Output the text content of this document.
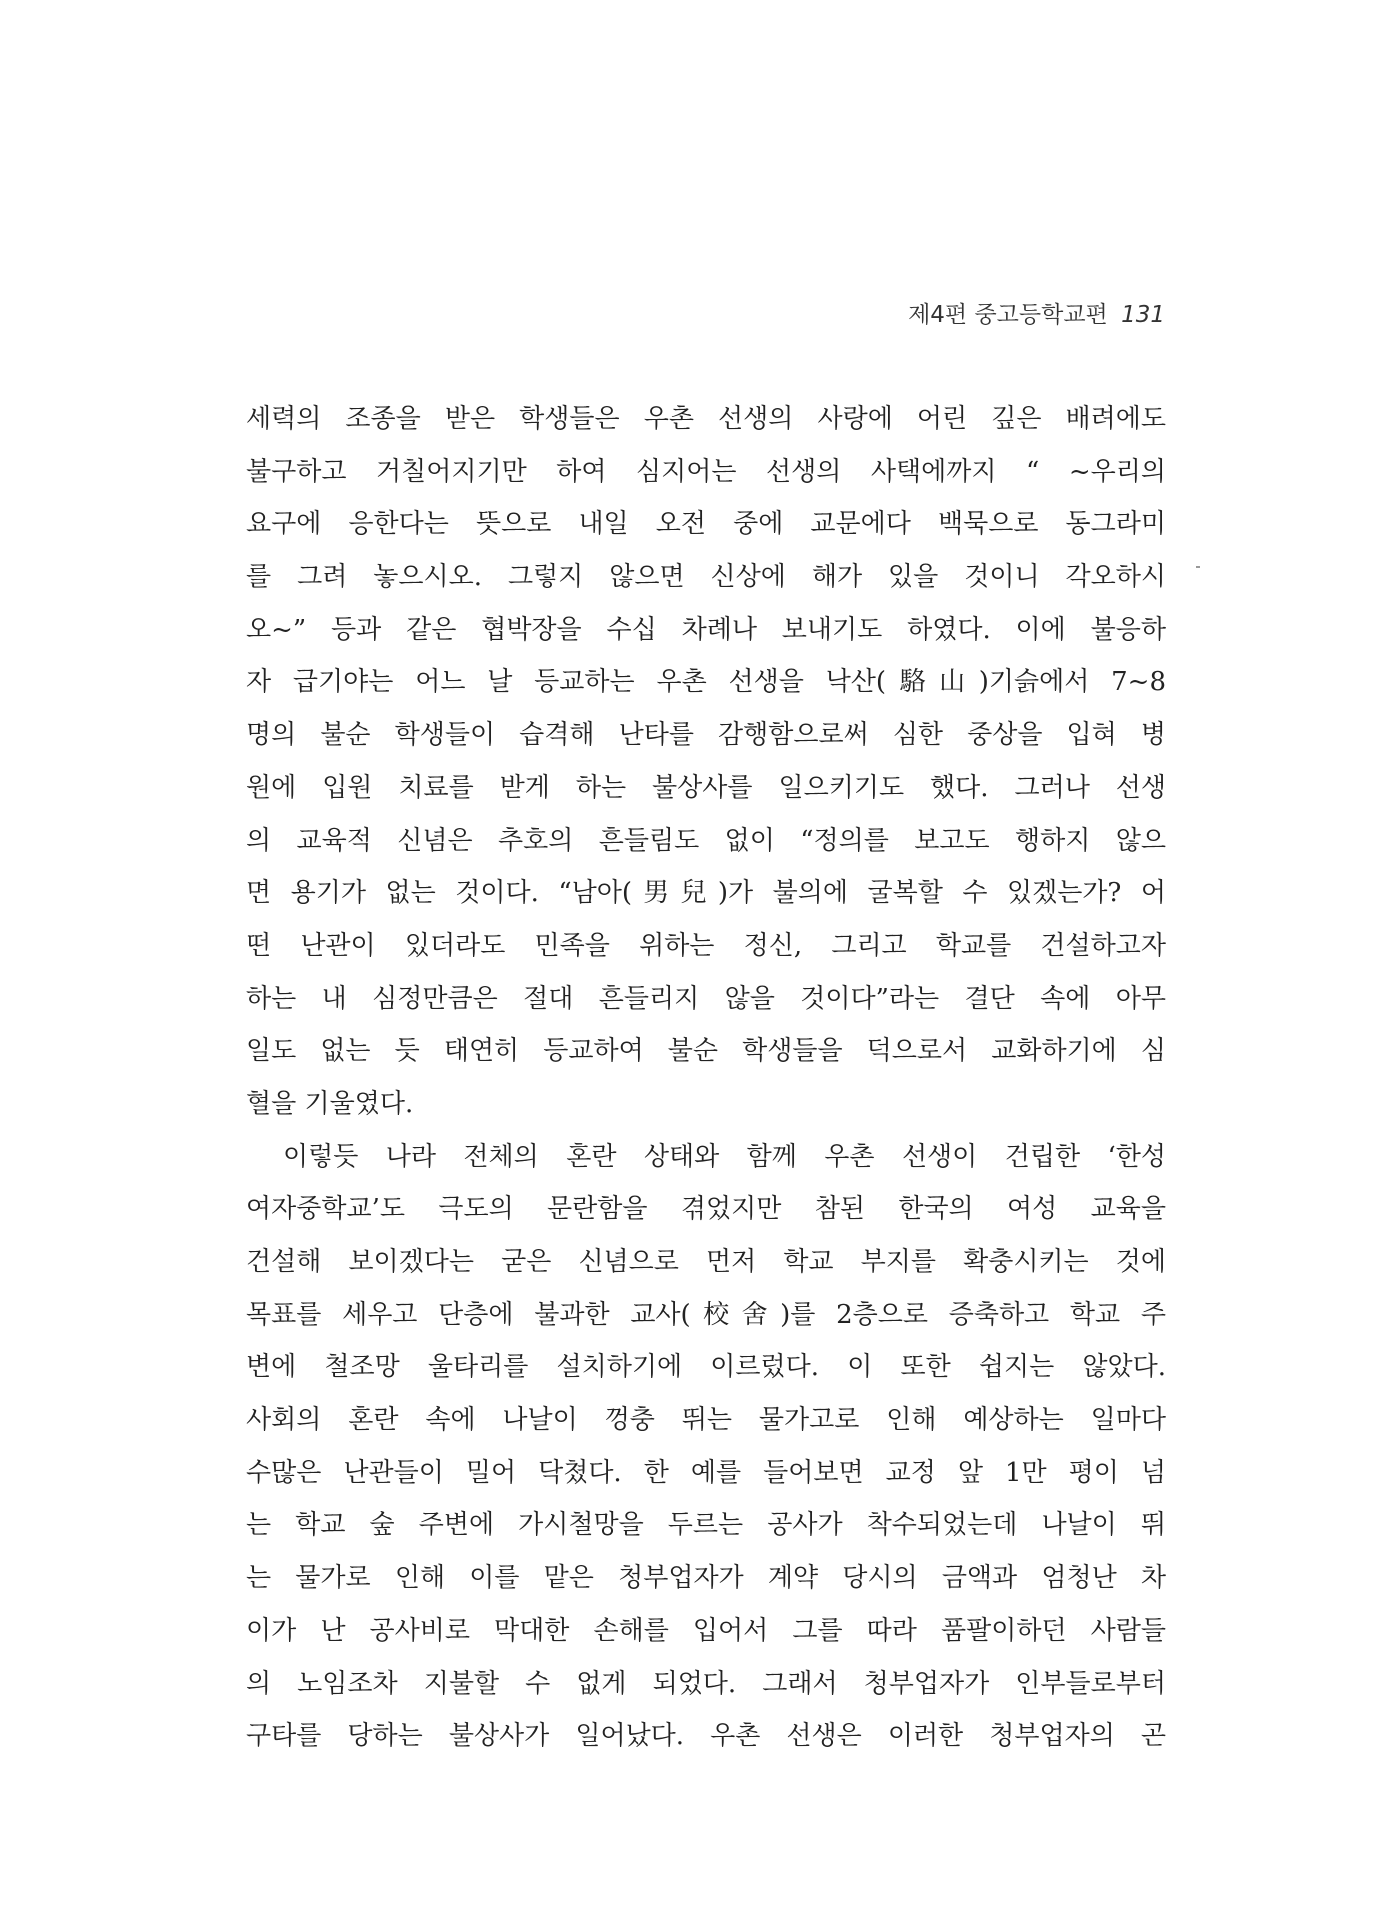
제4편 중고등학교편 131
세력의 조종을 받은 학생들은 우촌 선생의 사랑에 어린 깊은 배려에도
불구하고 거칠어지기만 하여 심지어는 선생의 사택에까지 “ ~우리의
요구에 응한다는 뜻으로 내일 오전 중에 교문에다 백묵으로 동그라미
를 그려 놓으시오. 그렇지 않으면 신상에 해가 있을 것이니 각오하시
오~” 등과 같은 협박장을 수십 차례나 보내기도 하였다. 이에 불응하
자 급기야는 어느 날 등교하는 우촌 선생을 낙산(駱山)기슭에서 7~8
명의 불순 학생들이 습격해 난타를 감행함으로써 심한 중상을 입혀 병
원에 입원 치료를 받게 하는 불상사를 일으키기도 했다. 그러나 선생
의 교육적 신념은 추호의 흔들림도 없이 “정의를 보고도 행하지 않으
면 용기가 없는 것이다. “남아(男兒)가 불의에 굴복할 수 있겠는가? 어
떤 난관이 있더라도 민족을 위하는 정신, 그리고 학교를 건설하고자
하는 내 심정만큼은 절대 흔들리지 않을 것이다”라는 결단 속에 아무
일도 없는 듯 태연히 등교하여 불순 학생들을 덕으로서 교화하기에 심
혈을 기울였다.
이렇듯 나라 전체의 혼란 상태와 함께 우촌 선생이 건립한 ‘한성
여자중학교’도 극도의 문란함을 겪었지만 참된 한국의 여성 교육을
건설해 보이겠다는 굳은 신념으로 먼저 학교 부지를 확충시키는 것에
목표를 세우고 단층에 불과한 교사(校舍)를 2층으로 증축하고 학교 주
변에 철조망 울타리를 설치하기에 이르렀다. 이 또한 쉽지는 않았다.
사회의 혼란 속에 나날이 껑충 뛰는 물가고로 인해 예상하는 일마다
수많은 난관들이 밀어 닥쳤다. 한 예를 들어보면 교정 앞 1만 평이 넘
는 학교 숲 주변에 가시철망을 두르는 공사가 착수되었는데 나날이 뛰
는 물가로 인해 이를 맡은 청부업자가 계약 당시의 금액과 엄청난 차
이가 난 공사비로 막대한 손해를 입어서 그를 따라 품팔이하던 사람들
의 노임조차 지불할 수 없게 되었다. 그래서 청부업자가 인부들로부터
구타를 당하는 불상사가 일어났다. 우촌 선생은 이러한 청부업자의 곤
